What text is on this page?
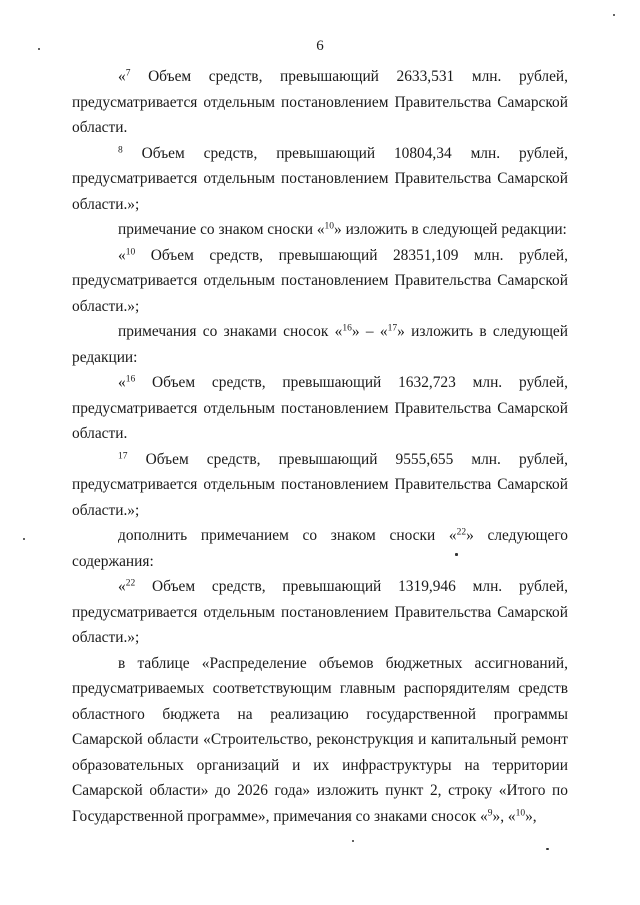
6

«$^7$ Объем средств, превышающий 2633,531 млн. рублей, предусматривается отдельным постановлением Правительства Самарской области.

$^8$ Объем средств, превышающий 10804,34 млн. рублей, предусматривается отдельным постановлением Правительства Самарской области.»;

примечание со знаком сноски «$^{10}$» изложить в следующей редакции:

«$^{10}$ Объем средств, превышающий 28351,109 млн. рублей, предусматривается отдельным постановлением Правительства Самарской области.»;

примечания со знаками сносок «$^{16}$» – «$^{17}$» изложить в следующей редакции:

«$^{16}$ Объем средств, превышающий 1632,723 млн. рублей, предусматривается отдельным постановлением Правительства Самарской области.

$^{17}$ Объем средств, превышающий 9555,655 млн. рублей, предусматривается отдельным постановлением Правительства Самарской области.»;

дополнить примечанием со знаком сноски «$^{22}$» следующего содержания:

«$^{22}$ Объем средств, превышающий 1319,946 млн. рублей, предусматривается отдельным постановлением Правительства Самарской области.»;

в таблице «Распределение объемов бюджетных ассигнований, предусматриваемых соответствующим главным распорядителям средств областного бюджета на реализацию государственной программы Самарской области «Строительство, реконструкция и капитальный ремонт образовательных организаций и их инфраструктуры на территории Самарской области» до 2026 года» изложить пункт 2, строку «Итого по Государственной программе», примечания со знаками сносок «$^9$», «$^{10}$»,
